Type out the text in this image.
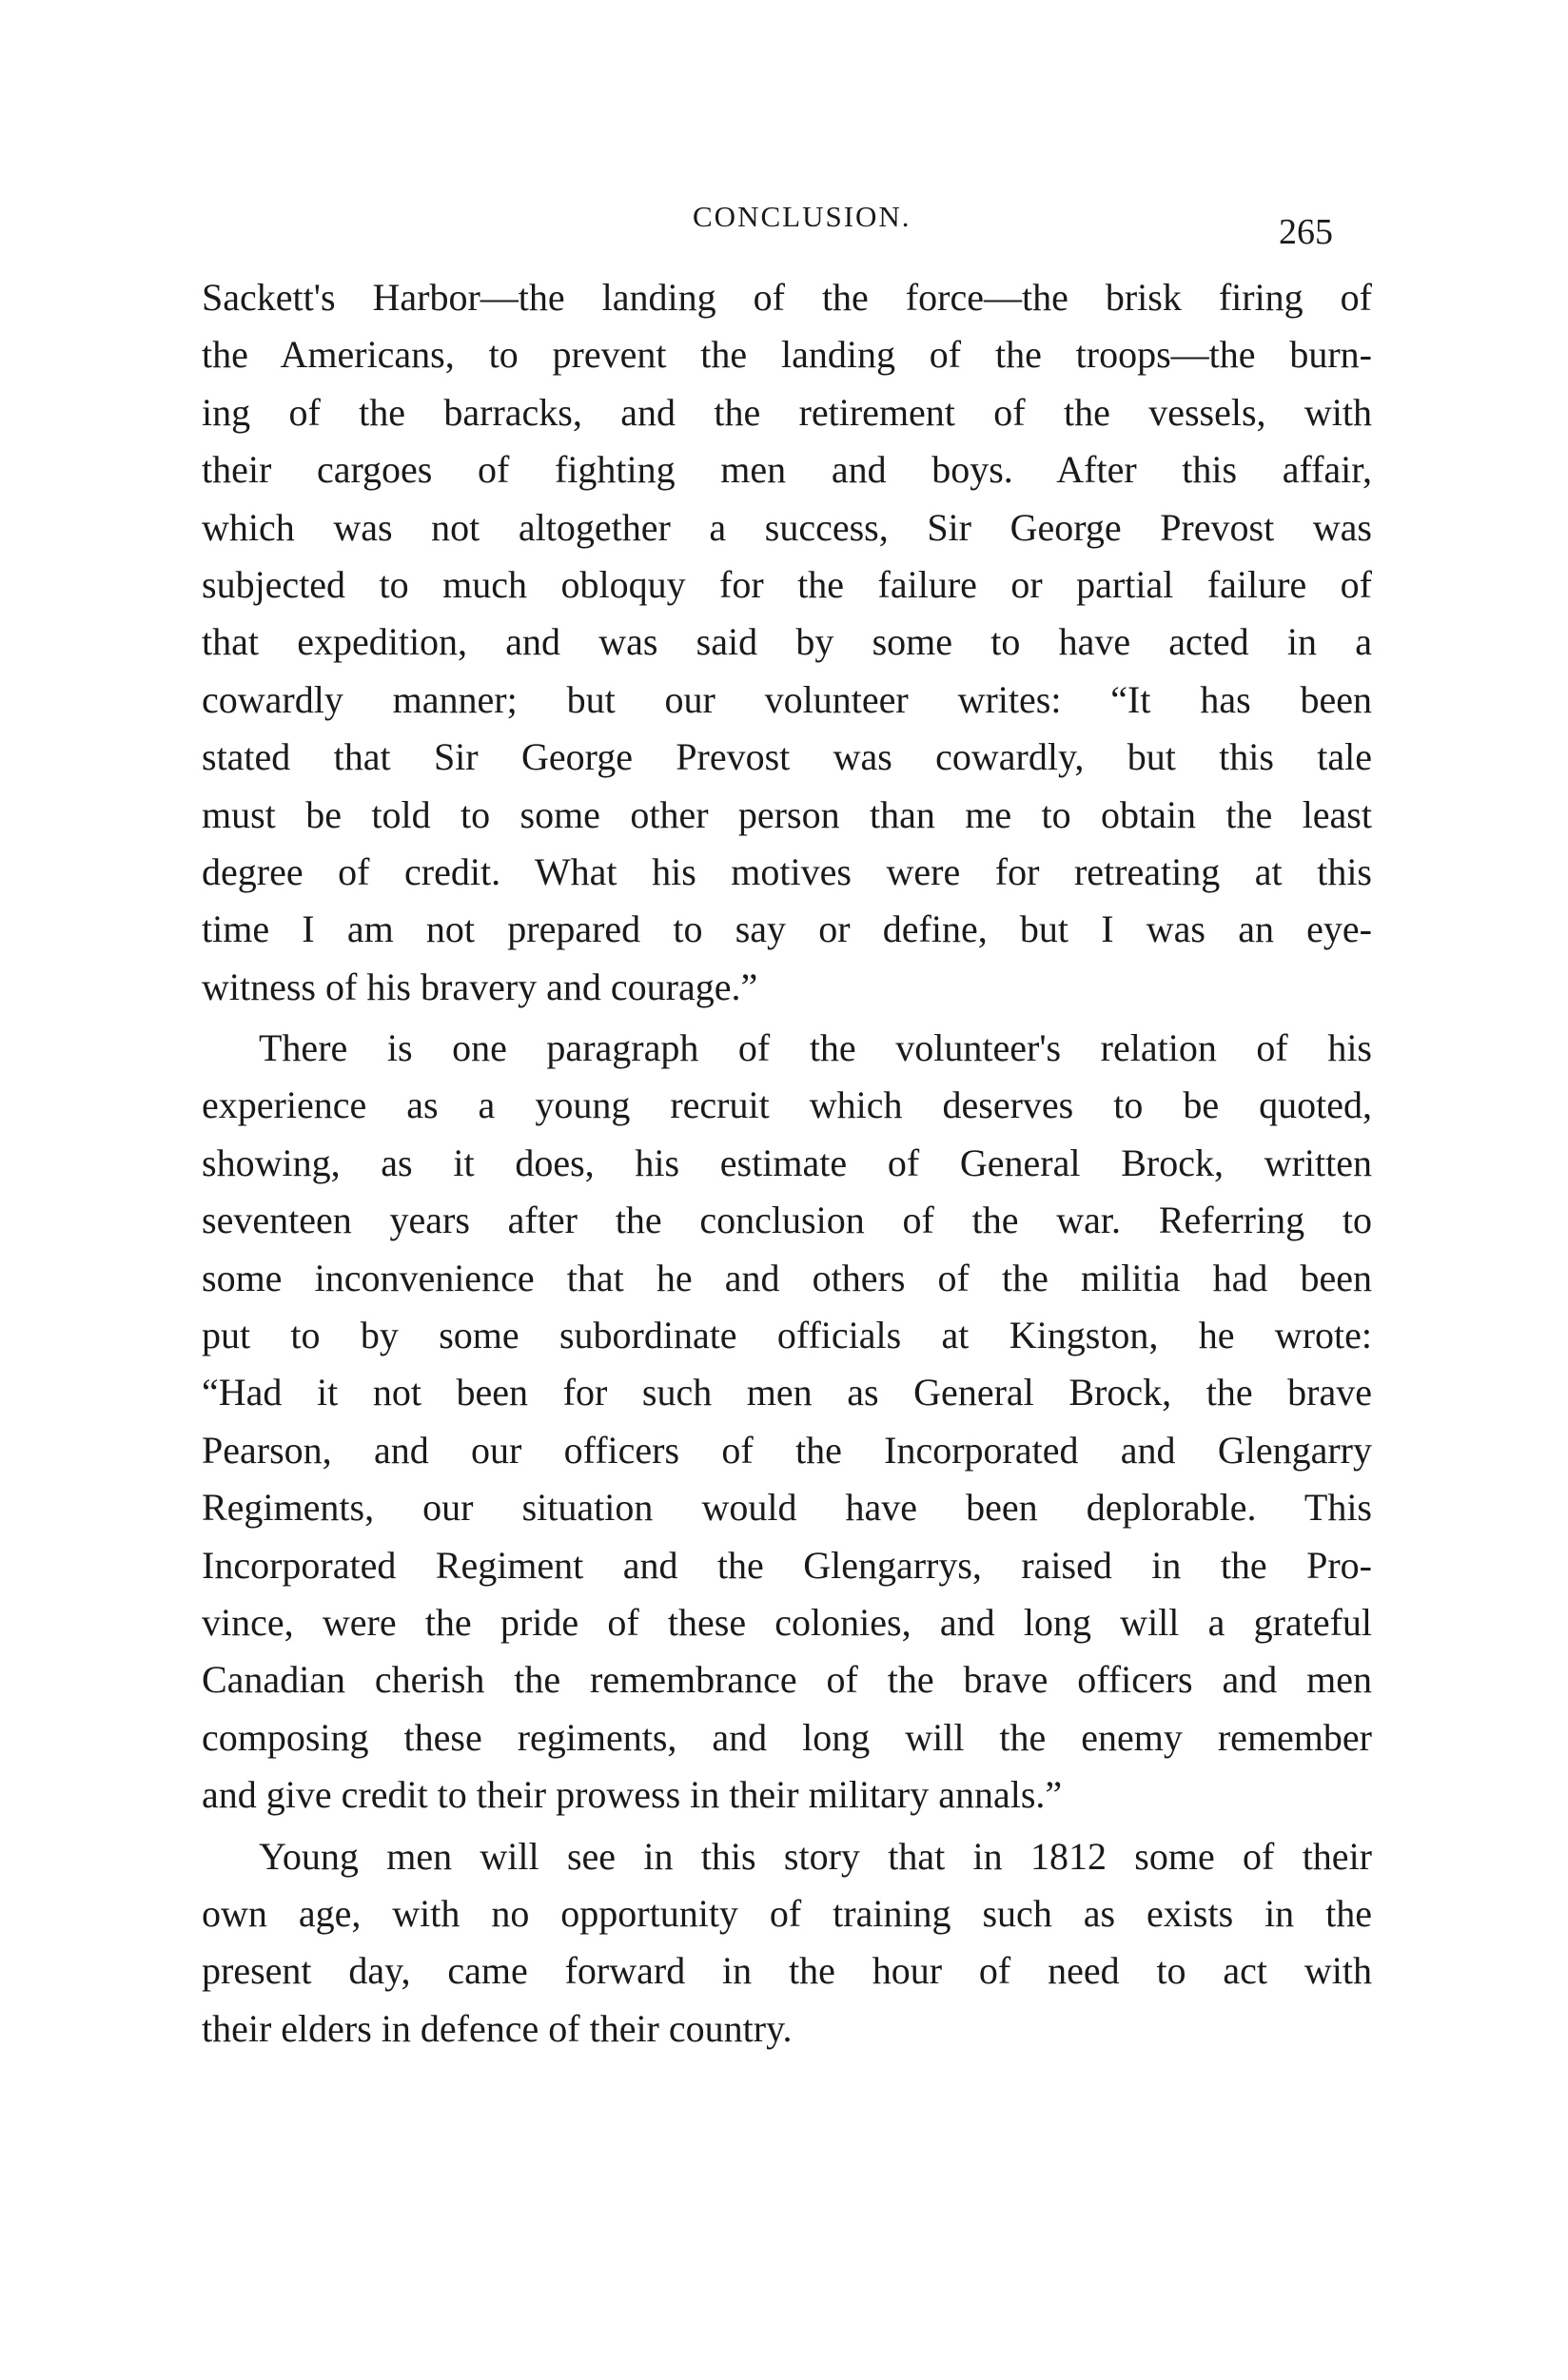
CONCLUSION.	265
Sackett's Harbor—the landing of the force—the brisk firing of
the Americans, to prevent the landing of the troops—the burn-
ing of the barracks, and the retirement of the vessels, with
their cargoes of fighting men and boys. After this affair,
which was not altogether a success, Sir George Prevost was
subjected to much obloquy for the failure or partial failure of
that expedition, and was said by some to have acted in a
cowardly manner; but our volunteer writes: “It has been
stated that Sir George Prevost was cowardly, but this tale
must be told to some other person than me to obtain the least
degree of credit. What his motives were for retreating at this
time I am not prepared to say or define, but I was an eye-
witness of his bravery and courage.”
There is one paragraph of the volunteer's relation of his
experience as a young recruit which deserves to be quoted,
showing, as it does, his estimate of General Brock, written
seventeen years after the conclusion of the war. Referring to
some inconvenience that he and others of the militia had been
put to by some subordinate officials at Kingston, he wrote:
“Had it not been for such men as General Brock, the brave
Pearson, and our officers of the Incorporated and Glengarry
Regiments, our situation would have been deplorable. This
Incorporated Regiment and the Glengarrys, raised in the Pro-
vince, were the pride of these colonies, and long will a grateful
Canadian cherish the remembrance of the brave officers and men
composing these regiments, and long will the enemy remember
and give credit to their prowess in their military annals.”
Young men will see in this story that in 1812 some of their
own age, with no opportunity of training such as exists in the
present day, came forward in the hour of need to act with
their elders in defence of their country.
